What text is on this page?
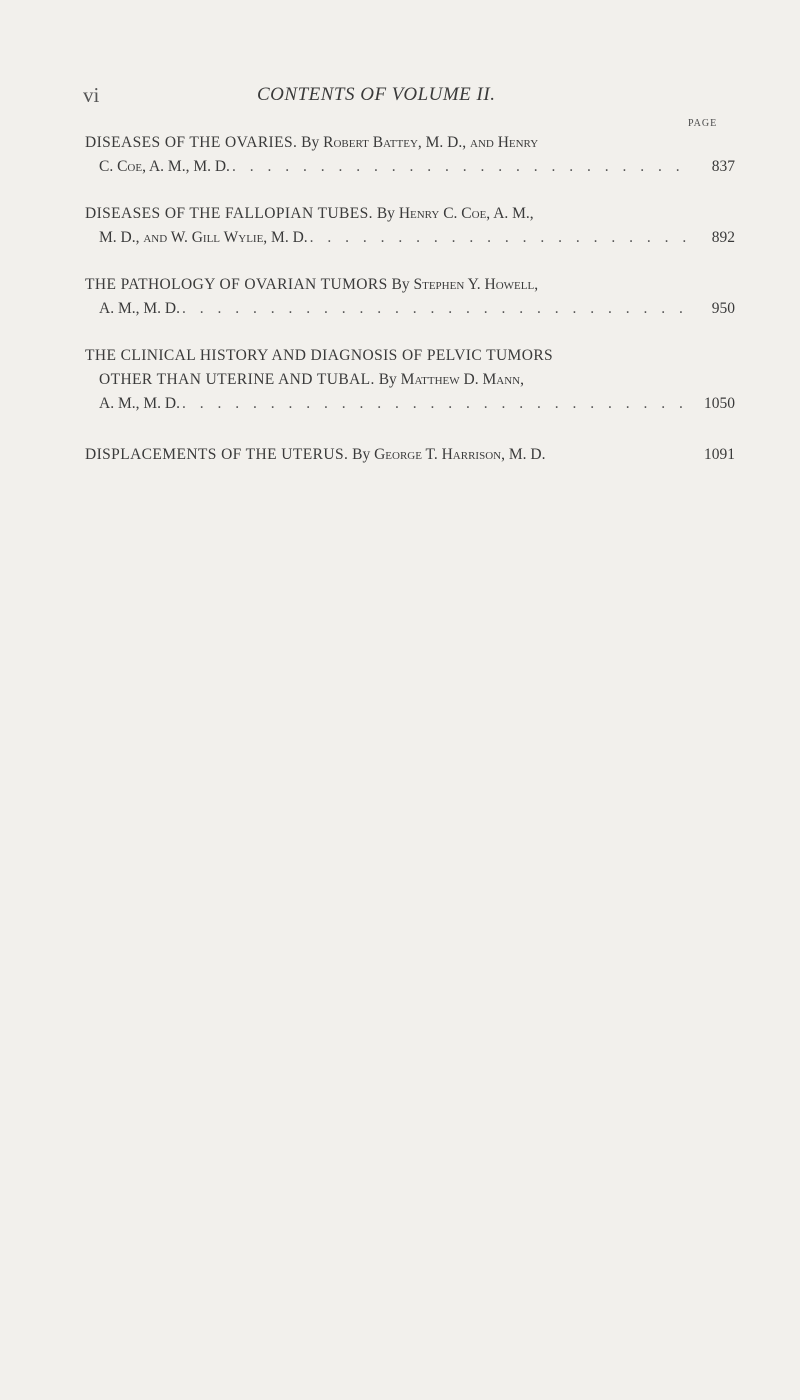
vi	CONTENTS OF VOLUME II.
PAGE
DISEASES OF THE OVARIES. By Robert Battey, M. D., and Henry
C. Coe, A. M., M. D. . . .	837
DISEASES OF THE FALLOPIAN TUBES. By Henry C. Coe, A. M.,
M. D., and W. Gill Wylie, M. D. . . .	892
THE PATHOLOGY OF OVARIAN TUMORS By Stephen Y. Howell,
A. M., M. D. . . .	950
THE CLINICAL HISTORY AND DIAGNOSIS OF PELVIC TUMORS
OTHER THAN UTERINE AND TUBAL. By Matthew D. Mann,
A. M., M. D. . . .	1050
DISPLACEMENTS OF THE UTERUS.
By
George T. Harrison, M. D.	1091
